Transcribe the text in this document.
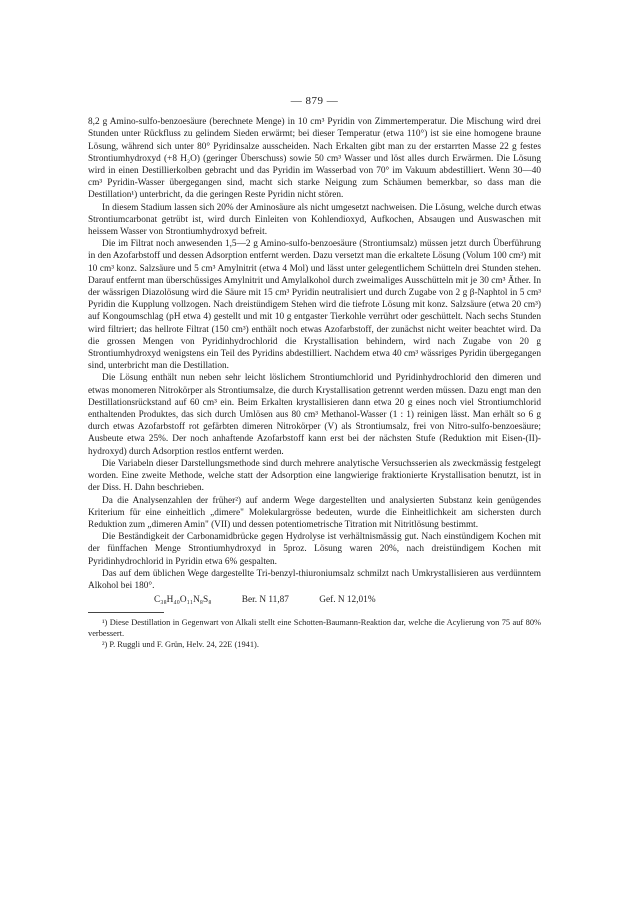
— 879 —

8,2 g Amino-sulfo-benzoesäure (berechnete Menge) in 10 cm³ Pyridin von Zimmertemperatur. Die Mischung wird drei Stunden unter Rückfluss zu gelindem Sieden erwärmt; bei dieser Temperatur (etwa 110°) ist sie eine homogene braune Lösung, während sich unter 80° Pyridinsalze ausscheiden. Nach Erkalten gibt man zu der erstarrten Masse 22 g festes Strontiumhydroxyd (+8 H₂O) (geringer Überschuss) sowie 50 cm³ Wasser und löst alles durch Erwärmen. Die Lösung wird in einen Destillierkolben gebracht und das Pyridin im Wasserbad von 70° im Vakuum abdestilliert. Wenn 30—40 cm³ Pyridin-Wasser übergegangen sind, macht sich starke Neigung zum Schäumen bemerkbar, so dass man die Destillation¹) unterbricht, da die geringen Reste Pyridin nicht stören.

In diesem Stadium lassen sich 20% der Aminosäure als nicht umgesetzt nachweisen. Die Lösung, welche durch etwas Strontiumcarbonat getrübt ist, wird durch Einleiten von Kohlendioxyd, Aufkochen, Absaugen und Auswaschen mit heissem Wasser von Strontiumhydroxyd befreit.

Die im Filtrat noch anwesenden 1,5—2 g Amino-sulfo-benzoesäure (Strontiumsalz) müssen jetzt durch Überführung in den Azofarbstoff und dessen Adsorption entfernt werden. Dazu versetzt man die erkaltete Lösung (Volum 100 cm³) mit 10 cm³ konz. Salzsäure und 5 cm³ Amylnitrit (etwa 4 Mol) und lässt unter gelegentlichem Schütteln drei Stunden stehen. Darauf entfernt man überschüssiges Amylnitrit und Amylalkohol durch zweimaliges Ausschütteln mit je 30 cm³ Äther. In der wässrigen Diazolösung wird die Säure mit 15 cm³ Pyridin neutralisiert und durch Zugabe von 2 g β-Naphtol in 5 cm³ Pyridin die Kupplung vollzogen. Nach dreistündigem Stehen wird die tiefrote Lösung mit konz. Salzsäure (etwa 20 cm³) auf Kongoumschlag (pH etwa 4) gestellt und mit 10 g entgaster Tierkohle verrührt oder geschüttelt. Nach sechs Stunden wird filtriert; das hellrote Filtrat (150 cm³) enthält noch etwas Azofarbstoff, der zunächst nicht weiter beachtet wird. Da die grossen Mengen von Pyridinhydrochlorid die Krystallisation behindern, wird nach Zugabe von 20 g Strontiumhydroxyd wenigstens ein Teil des Pyridins abdestilliert. Nachdem etwa 40 cm³ wässriges Pyridin übergegangen sind, unterbricht man die Destillation.

Die Lösung enthält nun neben sehr leicht löslichem Strontiumchlorid und Pyridinhydrochlorid den dimeren und etwas monomeren Nitrokörper als Strontiumsalze, die durch Krystallisation getrennt werden müssen. Dazu engt man den Destillationsrückstand auf 60 cm³ ein. Beim Erkalten krystallisieren dann etwa 20 g eines noch viel Strontiumchlorid enthaltenden Produktes, das sich durch Umlösen aus 80 cm³ Methanol-Wasser (1 : 1) reinigen lässt. Man erhält so 6 g durch etwas Azofarbstoff rot gefärbten dimeren Nitrokörper (V) als Strontiumsalz, frei von Nitro-sulfo-benzoesäure; Ausbeute etwa 25%. Der noch anhaftende Azofarbstoff kann erst bei der nächsten Stufe (Reduktion mit Eisen-(II)-hydroxyd) durch Adsorption restlos entfernt werden.

Die Variabeln dieser Darstellungsmethode sind durch mehrere analytische Versuchsserien als zweckmässig festgelegt worden. Eine zweite Methode, welche statt der Adsorption eine langwierige fraktionierte Krystallisation benutzt, ist in der Diss. H. Dahn beschrieben.

Da die Analysenzahlen der früher²) auf anderm Wege dargestellten und analysierten Substanz kein genügendes Kriterium für eine einheitlich „dimere" Molekulargrösse bedeuten, wurde die Einheitlichkeit am sichersten durch Reduktion zum „dimeren Amin" (VII) und dessen potentiometrische Titration mit Nitritlösung bestimmt.

Die Beständigkeit der Carbonamidbrücke gegen Hydrolyse ist verhältnismässig gut. Nach einstündigem Kochen mit der fünffachen Menge Strontiumhydroxyd in 5proz. Lösung waren 20%, nach dreistündigem Kochen mit Pyridinhydrochlorid in Pyridin etwa 6% gespalten.

Das auf dem üblichen Wege dargestellte Tri-benzyl-thiuroniumsalz schmilzt nach Umkrystallisieren aus verdünntem Alkohol bei 180°.

C₃₈H₄₀O₁₁N₈S₈	Ber. N 11,87	Gef. N 12,01%

¹) Diese Destillation in Gegenwart von Alkali stellt eine Schotten-Baumann-Reaktion dar, welche die Acylierung von 75 auf 80% verbessert.

²) P. Ruggli und F. Grün, Helv. 24, 22E (1941).
